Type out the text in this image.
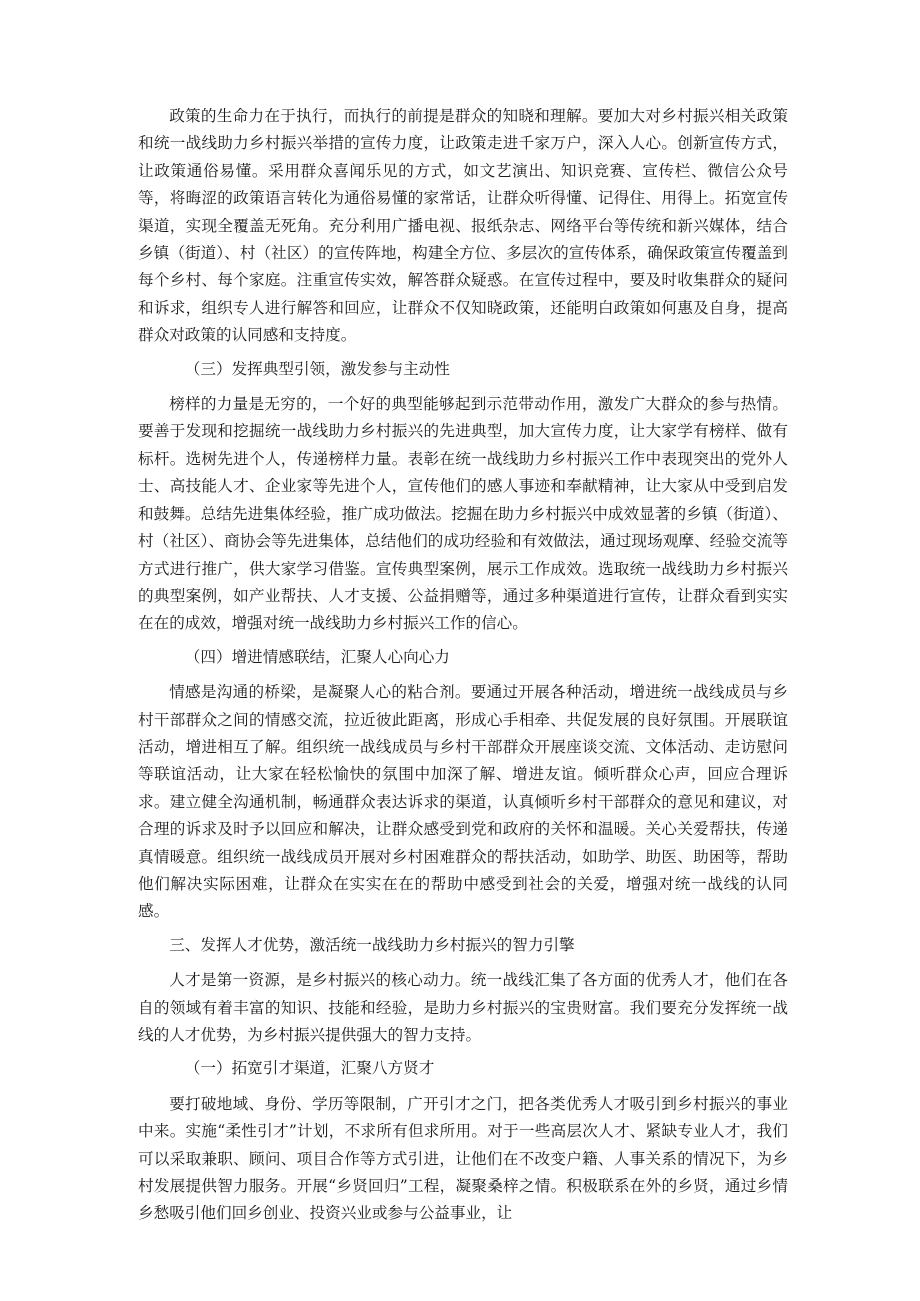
政策的生命力在于执行，而执行的前提是群众的知晓和理解。要加大对乡村振兴相关政策和统一战线助力乡村振兴举措的宣传力度，让政策走进千家万户，深入人心。创新宣传方式，让政策通俗易懂。采用群众喜闻乐见的方式，如文艺演出、知识竞赛、宣传栏、微信公众号等，将晦涩的政策语言转化为通俗易懂的家常话，让群众听得懂、记得住、用得上。拓宽宣传渠道，实现全覆盖无死角。充分利用广播电视、报纸杂志、网络平台等传统和新兴媒体，结合乡镇（街道）、村（社区）的宣传阵地，构建全方位、多层次的宣传体系，确保政策宣传覆盖到每个乡村、每个家庭。注重宣传实效，解答群众疑惑。在宣传过程中，要及时收集群众的疑问和诉求，组织专人进行解答和回应，让群众不仅知晓政策，还能明白政策如何惠及自身，提高群众对政策的认同感和支持度。

（三）发挥典型引领，激发参与主动性

榜样的力量是无穷的，一个好的典型能够起到示范带动作用，激发广大群众的参与热情。要善于发现和挖掘统一战线助力乡村振兴的先进典型，加大宣传力度，让大家学有榜样、做有标杆。选树先进个人，传递榜样力量。表彰在统一战线助力乡村振兴工作中表现突出的党外人士、高技能人才、企业家等先进个人，宣传他们的感人事迹和奉献精神，让大家从中受到启发和鼓舞。总结先进集体经验，推广成功做法。挖掘在助力乡村振兴中成效显著的乡镇（街道）、村（社区）、商协会等先进集体，总结他们的成功经验和有效做法，通过现场观摩、经验交流等方式进行推广，供大家学习借鉴。宣传典型案例，展示工作成效。选取统一战线助力乡村振兴的典型案例，如产业帮扶、人才支援、公益捐赠等，通过多种渠道进行宣传，让群众看到实实在在的成效，增强对统一战线助力乡村振兴工作的信心。

（四）增进情感联结，汇聚人心向心力

情感是沟通的桥梁，是凝聚人心的粘合剂。要通过开展各种活动，增进统一战线成员与乡村干部群众之间的情感交流，拉近彼此距离，形成心手相牵、共促发展的良好氛围。开展联谊活动，增进相互了解。组织统一战线成员与乡村干部群众开展座谈交流、文体活动、走访慰问等联谊活动，让大家在轻松愉快的氛围中加深了解、增进友谊。倾听群众心声，回应合理诉求。建立健全沟通机制，畅通群众表达诉求的渠道，认真倾听乡村干部群众的意见和建议，对合理的诉求及时予以回应和解决，让群众感受到党和政府的关怀和温暖。关心关爱帮扶，传递真情暖意。组织统一战线成员开展对乡村困难群众的帮扶活动，如助学、助医、助困等，帮助他们解决实际困难，让群众在实实在在的帮助中感受到社会的关爱，增强对统一战线的认同感。

三、发挥人才优势，激活统一战线助力乡村振兴的智力引擎

人才是第一资源，是乡村振兴的核心动力。统一战线汇集了各方面的优秀人才，他们在各自的领域有着丰富的知识、技能和经验，是助力乡村振兴的宝贵财富。我们要充分发挥统一战线的人才优势，为乡村振兴提供强大的智力支持。

（一）拓宽引才渠道，汇聚八方贤才

要打破地域、身份、学历等限制，广开引才之门，把各类优秀人才吸引到乡村振兴的事业中来。实施“柔性引才”计划，不求所有但求所用。对于一些高层次人才、紧缺专业人才，我们可以采取兼职、顾问、项目合作等方式引进，让他们在不改变户籍、人事关系的情况下，为乡村发展提供智力服务。开展“乡贤回归”工程，凝聚桑梓之情。积极联系在外的乡贤，通过乡情乡愁吸引他们回乡创业、投资兴业或参与公益事业，让
